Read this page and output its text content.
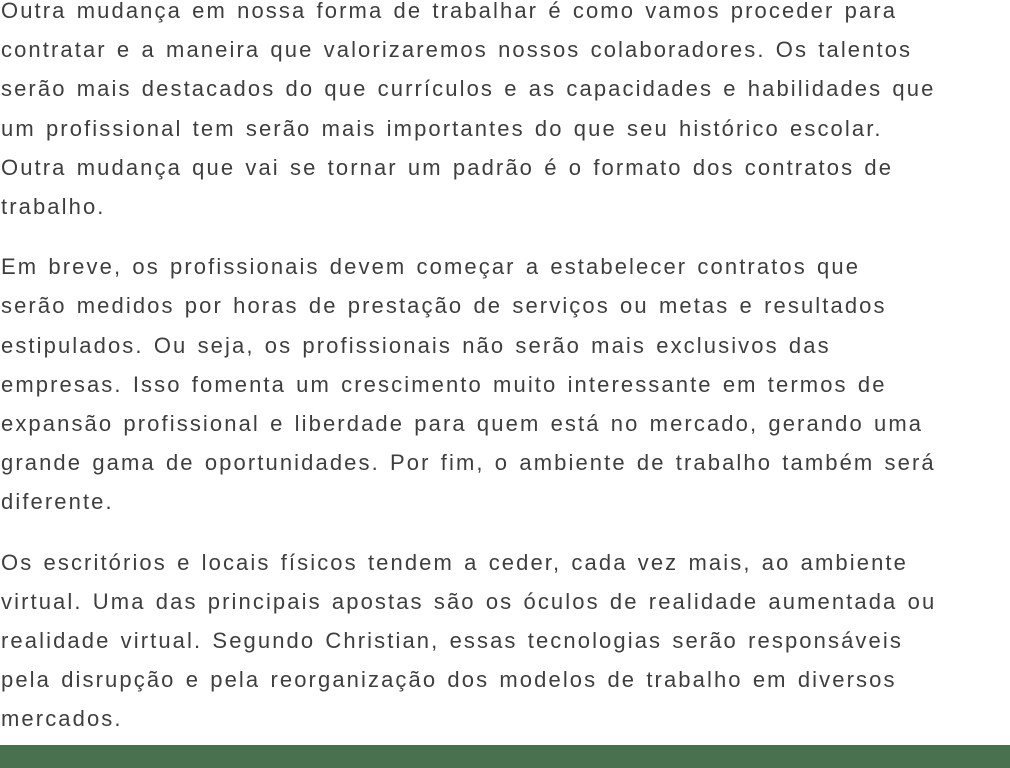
Outra mudança em nossa forma de trabalhar é como vamos proceder para
contratar e a maneira que valorizaremos nossos colaboradores. Os talentos
serão mais destacados do que currículos e as capacidades e habilidades que
um profissional tem serão mais importantes do que seu histórico escolar.
Outra mudança que vai se tornar um padrão é o formato dos contratos de
trabalho.
Em breve, os profissionais devem começar a estabelecer contratos que
serão medidos por horas de prestação de serviços ou metas e resultados
estipulados. Ou seja, os profissionais não serão mais exclusivos das
empresas. Isso fomenta um crescimento muito interessante em termos de
expansão profissional e liberdade para quem está no mercado, gerando uma
grande gama de oportunidades. Por fim, o ambiente de trabalho também será
diferente.
Os escritórios e locais físicos tendem a ceder, cada vez mais, ao ambiente
virtual. Uma das principais apostas são os óculos de realidade aumentada ou
realidade virtual. Segundo Christian, essas tecnologias serão responsáveis
pela disrupção e pela reorganização dos modelos de trabalho em diversos
mercados.
